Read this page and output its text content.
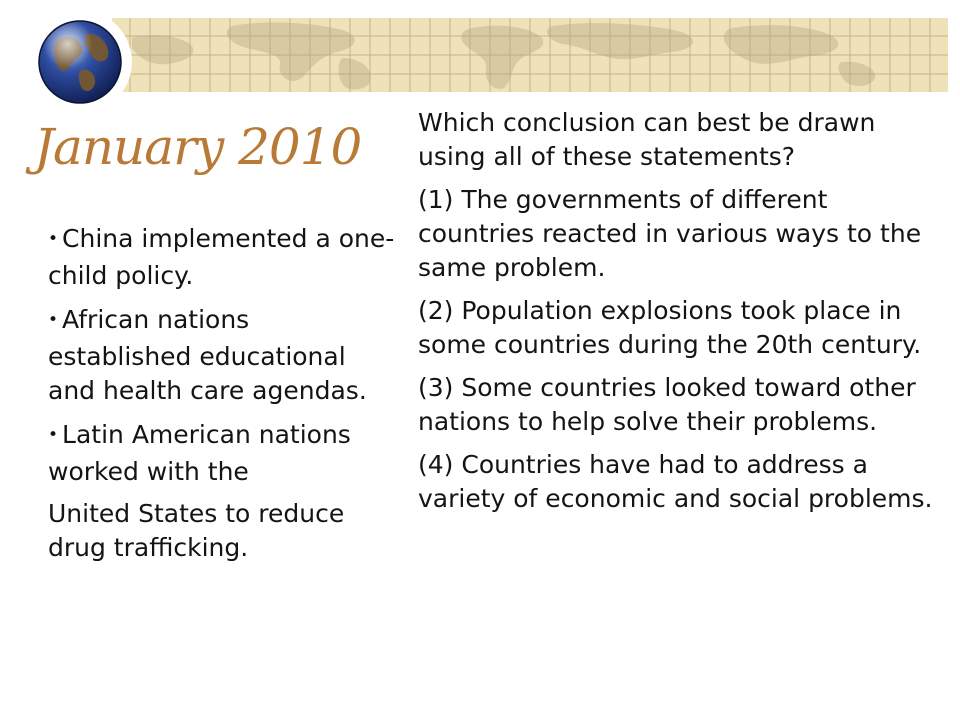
January 2010

• China implemented a one-child policy.

• African nations established educational and health care agendas.

• Latin American nations worked with the

United States to reduce drug trafficking.

Which conclusion can best be drawn using all of these statements?

(1) The governments of different countries reacted in various ways to the same problem.

(2) Population explosions took place in some countries during the 20th century.

(3) Some countries looked toward other nations to help solve their problems.

(4) Countries have had to address a variety of economic and social problems.
